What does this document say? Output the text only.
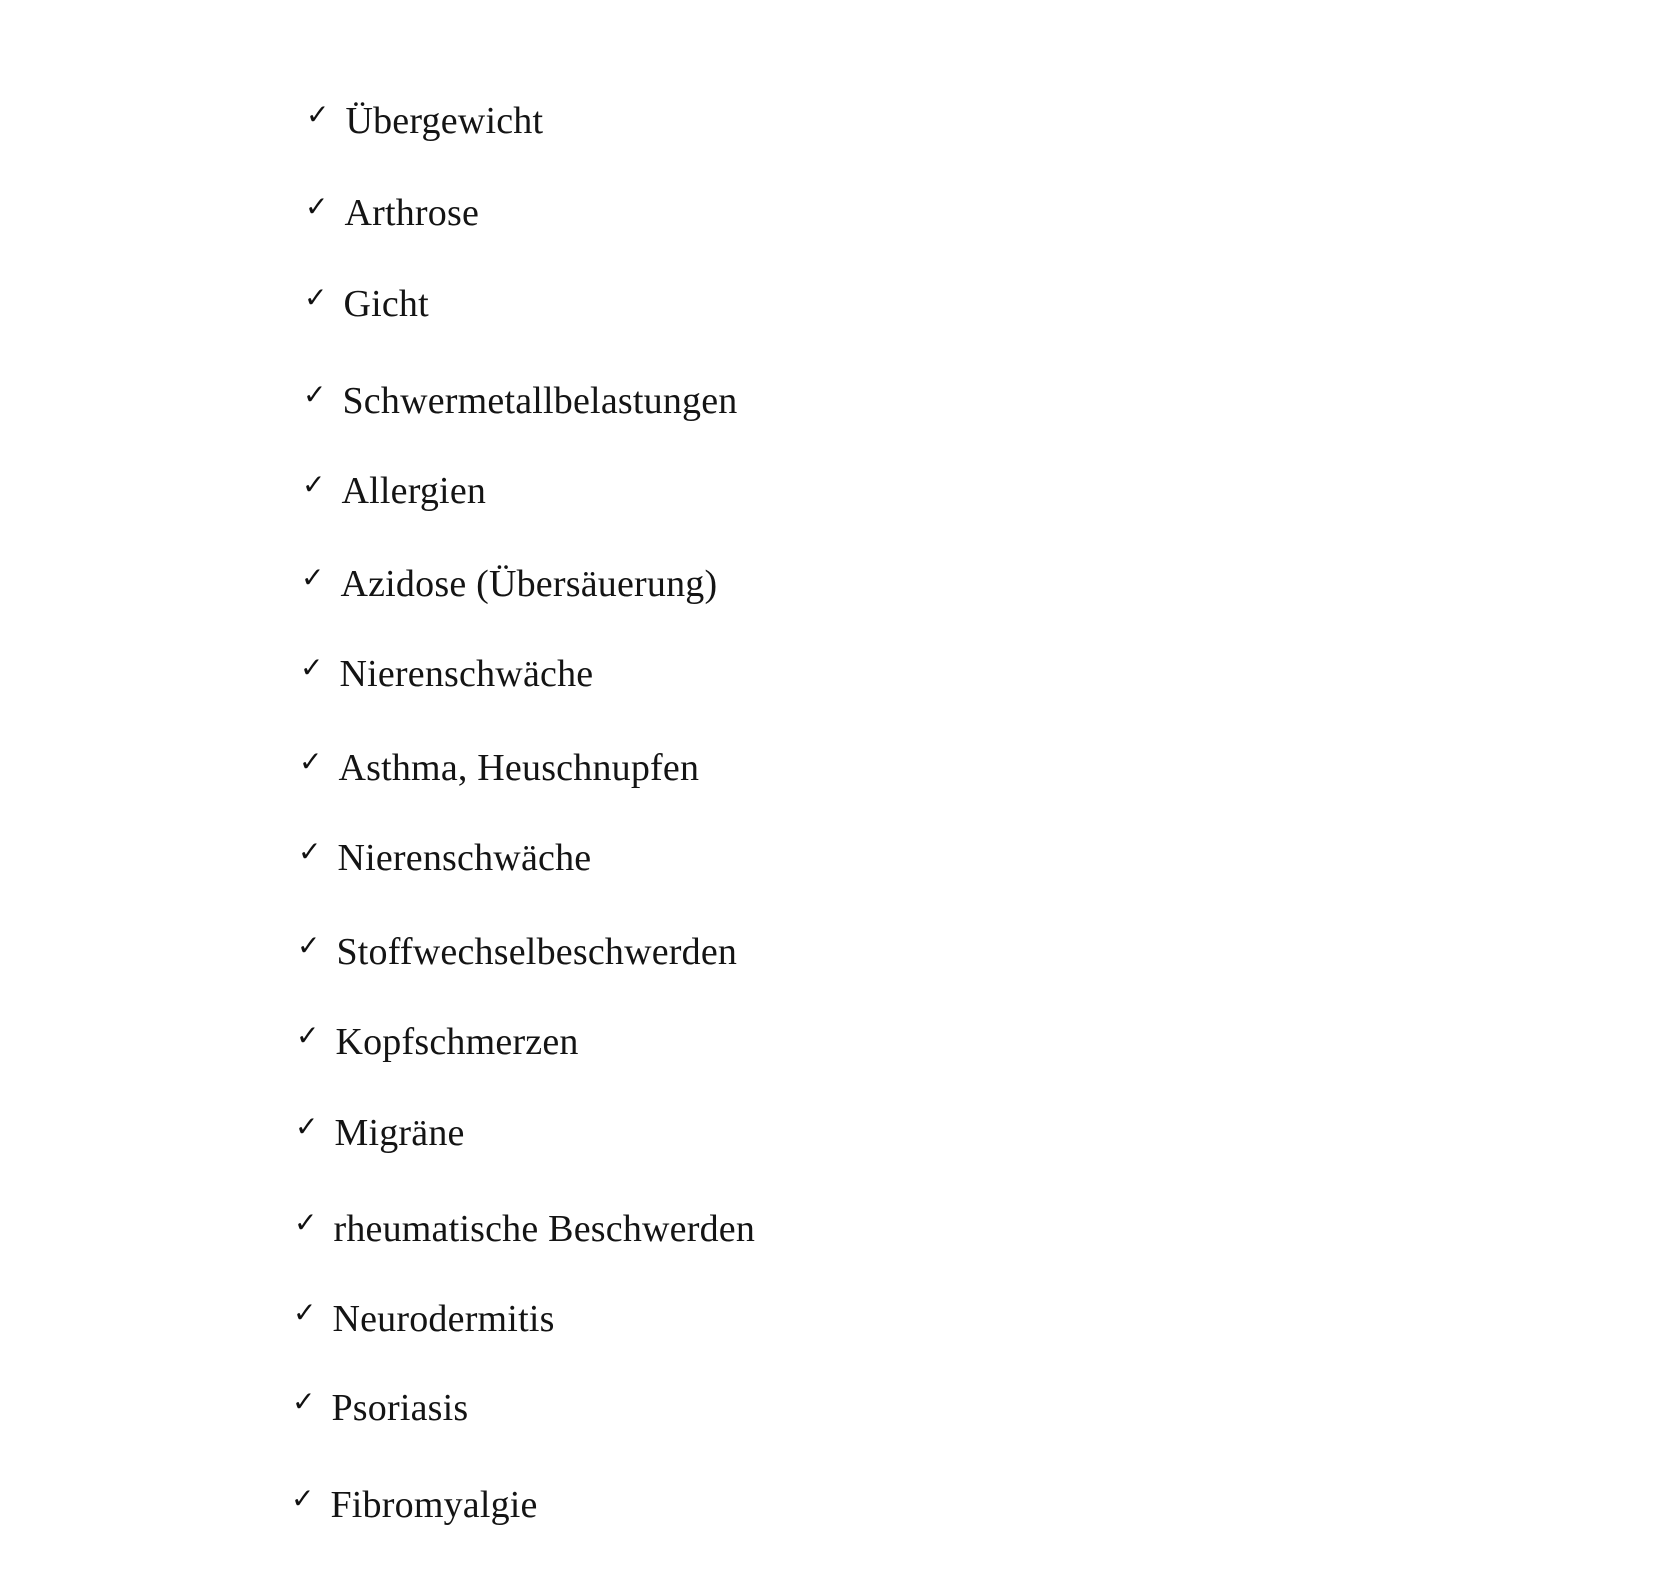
✓ Übergewicht
✓ Arthrose
✓ Gicht
✓ Schwermetallbelastungen
✓ Allergien
✓ Azidose (Übersäuerung)
✓ Nierenschwäche
✓ Asthma, Heuschnupfen
✓ Nierenschwäche
✓ Stoffwechselbeschwerden
✓ Kopfschmerzen
✓ Migräne
✓ rheumatische Beschwerden
✓ Neurodermitis
✓ Psoriasis
✓ Fibromyalgie
